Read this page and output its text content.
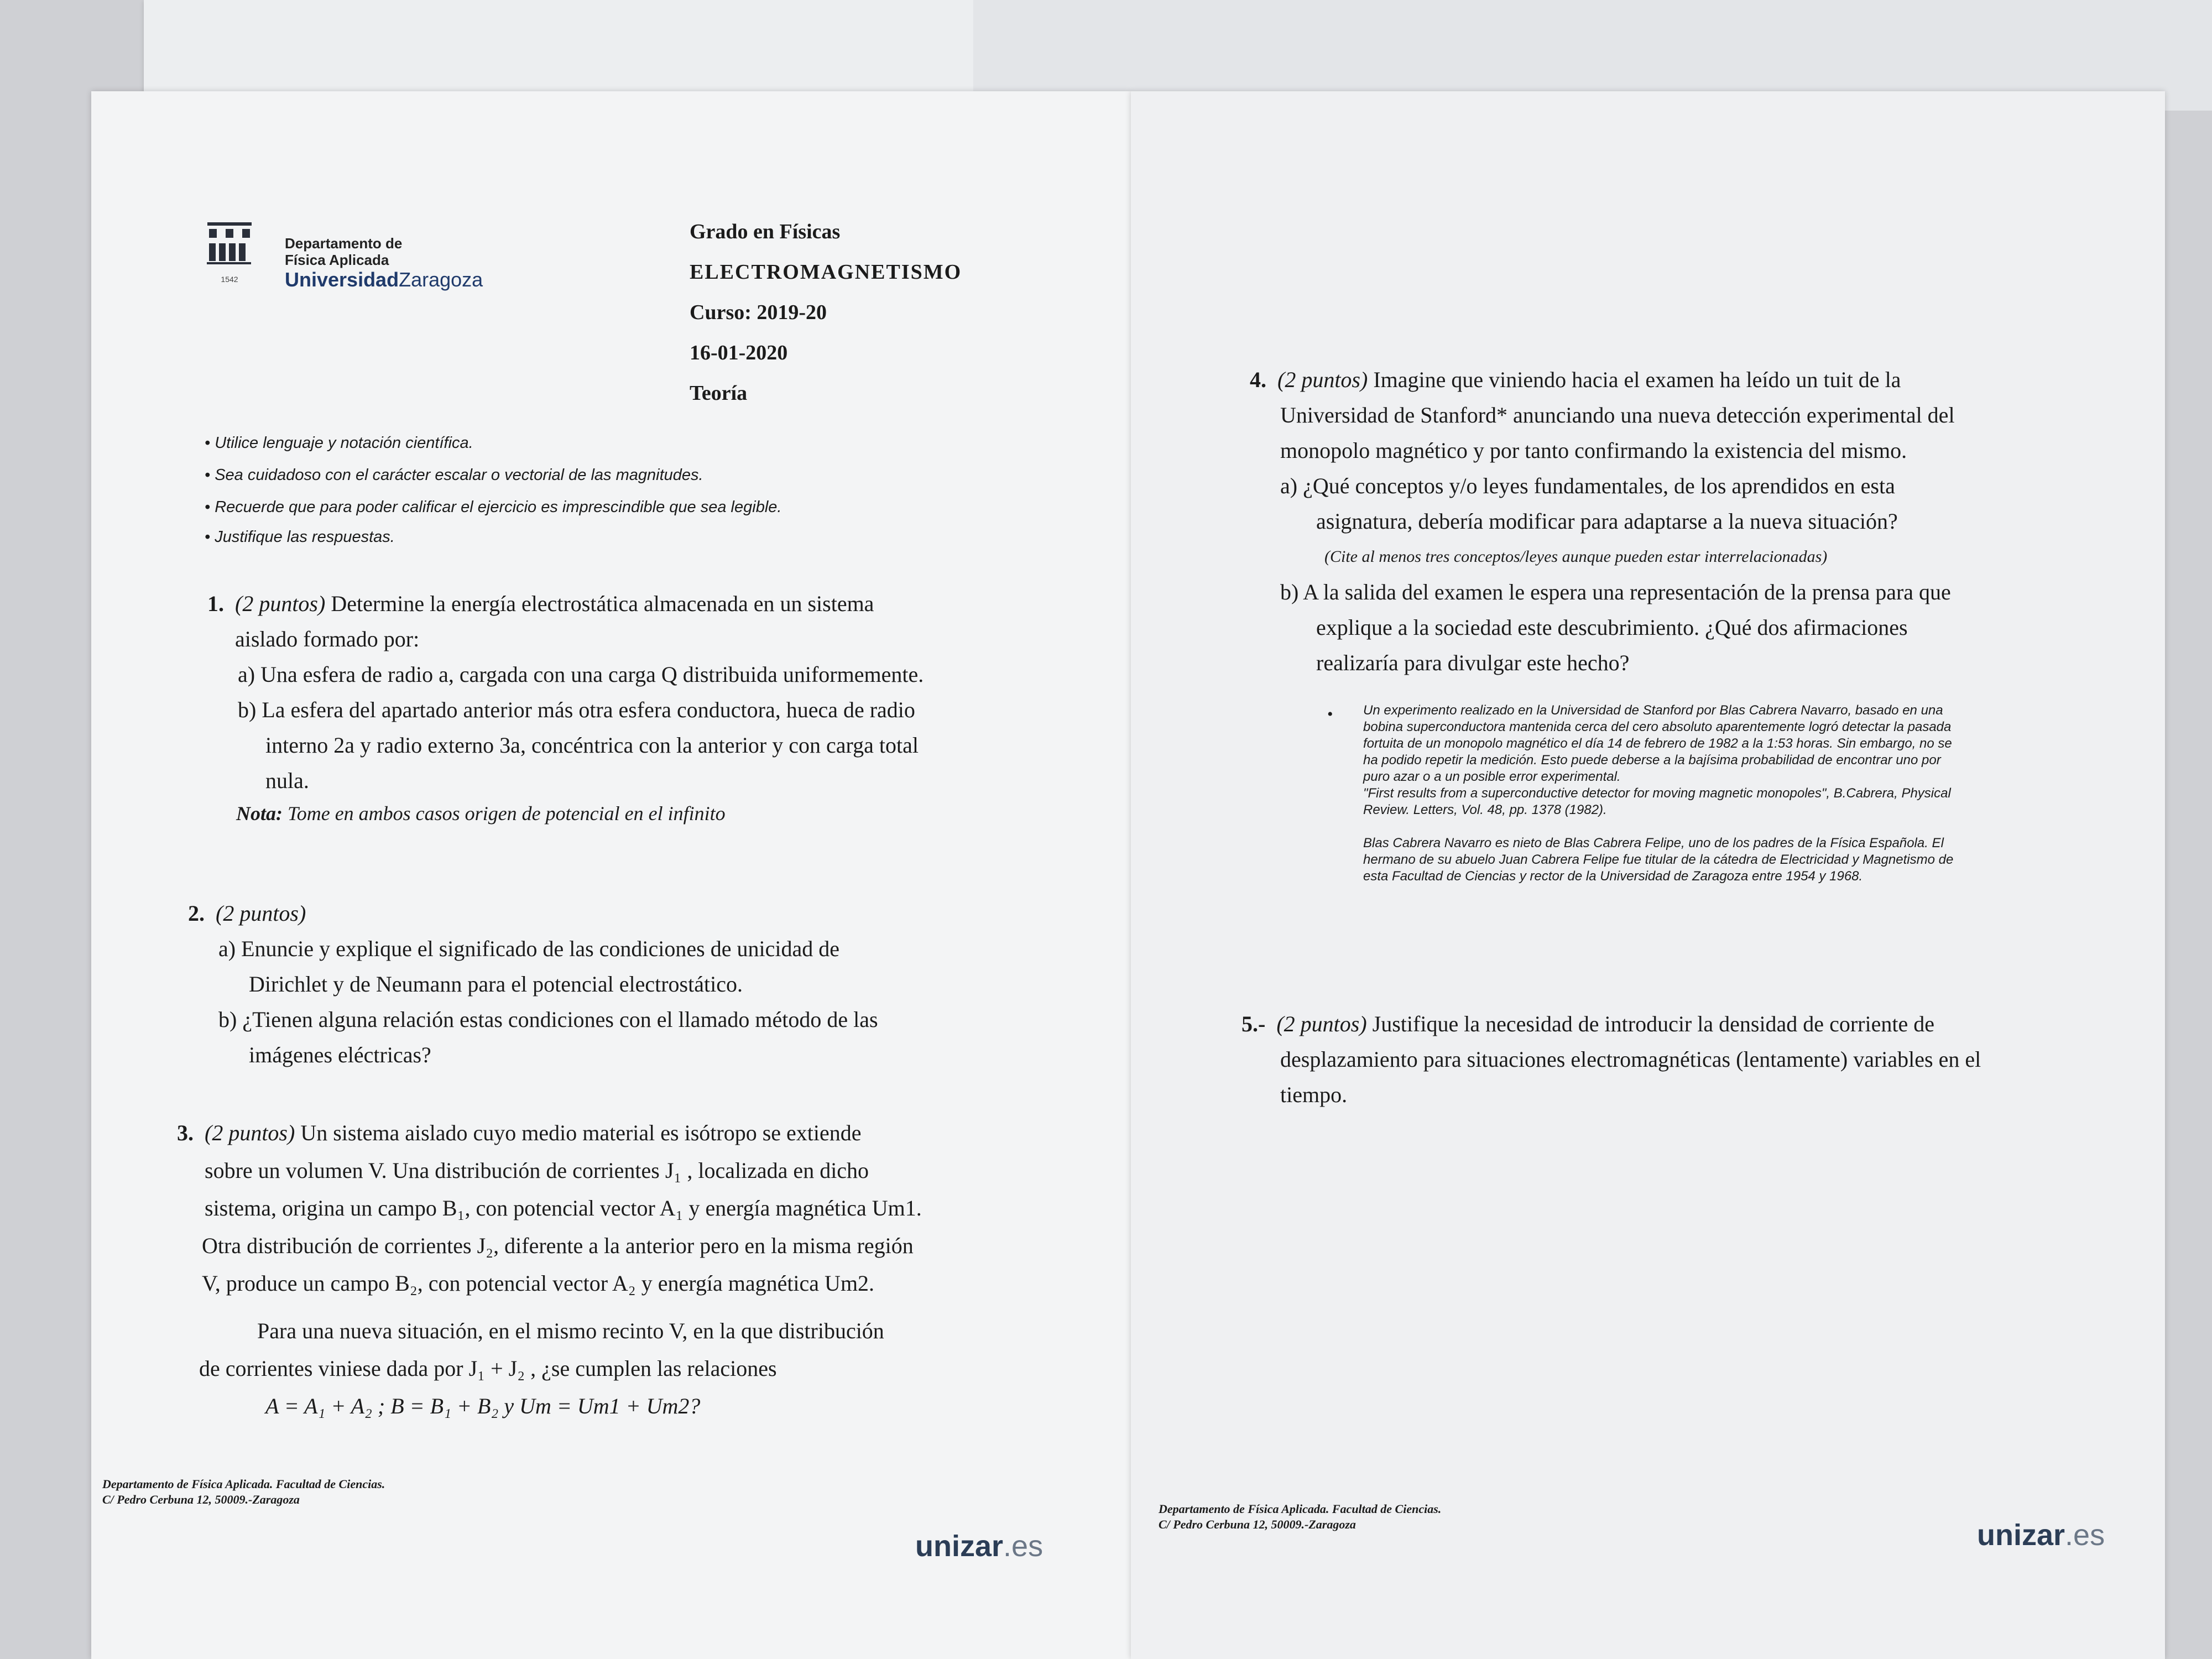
1542
Departamento de
Física Aplicada
UniversidadZaragoza
Grado en Físicas
ELECTROMAGNETISMO
Curso: 2019-20
16-01-2020
Teoría
• Utilice lenguaje y notación científica.
• Sea cuidadoso con el carácter escalar o vectorial de las magnitudes.
• Recuerde que para poder calificar el ejercicio es imprescindible que sea legible.
• Justifique las respuestas.
1. (2 puntos) Determine la energía electrostática almacenada en un sistema
aislado formado por:
a) Una esfera de radio a, cargada con una carga Q distribuida uniformemente.
b) La esfera del apartado anterior más otra esfera conductora, hueca de radio
interno 2a y radio externo 3a, concéntrica con la anterior y con carga total
nula.
Nota: Tome en ambos casos origen de potencial en el infinito
2. (2 puntos)
a) Enuncie y explique el significado de las condiciones de unicidad de
Dirichlet y de Neumann para el potencial electrostático.
b) ¿Tienen alguna relación estas condiciones con el llamado método de las
imágenes eléctricas?
3. (2 puntos) Un sistema aislado cuyo medio material es isótropo se extiende
sobre un volumen V. Una distribución de corrientes J₁ , localizada en dicho
sistema, origina un campo B₁, con potencial vector A₁ y energía magnética Um1.
Otra distribución de corrientes J₂, diferente a la anterior pero en la misma región
V, produce un campo B₂, con potencial vector A₂ y energía magnética Um2.
Para una nueva situación, en el mismo recinto V, en la que distribución
de corrientes viniese dada por J₁ + J₂ , ¿se cumplen las relaciones
A = A₁ + A₂ ; B = B₁ + B₂ y Um = Um1 + Um2?
Departamento de Física Aplicada. Facultad de Ciencias.
C/ Pedro Cerbuna 12, 50009.-Zaragoza
unizar.es
4. (2 puntos) Imagine que viniendo hacia el examen ha leído un tuit de la
Universidad de Stanford* anunciando una nueva detección experimental del
monopolo magnético y por tanto confirmando la existencia del mismo.
a) ¿Qué conceptos y/o leyes fundamentales, de los aprendidos en esta
asignatura, debería modificar para adaptarse a la nueva situación?
(Cite al menos tres conceptos/leyes aunque pueden estar interrelacionadas)
b) A la salida del examen le espera una representación de la prensa para que
explique a la sociedad este descubrimiento. ¿Qué dos afirmaciones
realizaría para divulgar este hecho?
• Un experimento realizado en la Universidad de Stanford por Blas Cabrera Navarro, basado en una
bobina superconductora mantenida cerca del cero absoluto aparentemente logró detectar la pasada
fortuita de un monopolo magnético el día 14 de febrero de 1982 a la 1:53 horas. Sin embargo, no se
ha podido repetir la medición. Esto puede deberse a la bajísima probabilidad de encontrar uno por
puro azar o a un posible error experimental.
"First results from a superconductive detector for moving magnetic monopoles", B.Cabrera, Physical
Review. Letters, Vol. 48, pp. 1378 (1982).
Blas Cabrera Navarro es nieto de Blas Cabrera Felipe, uno de los padres de la Física Española. El
hermano de su abuelo Juan Cabrera Felipe fue titular de la cátedra de Electricidad y Magnetismo de
esta Facultad de Ciencias y rector de la Universidad de Zaragoza entre 1954 y 1968.
5.- (2 puntos) Justifique la necesidad de introducir la densidad de corriente de
desplazamiento para situaciones electromagnéticas (lentamente) variables en el
tiempo.
Departamento de Física Aplicada. Facultad de Ciencias.
C/ Pedro Cerbuna 12, 50009.-Zaragoza	unizar.es
